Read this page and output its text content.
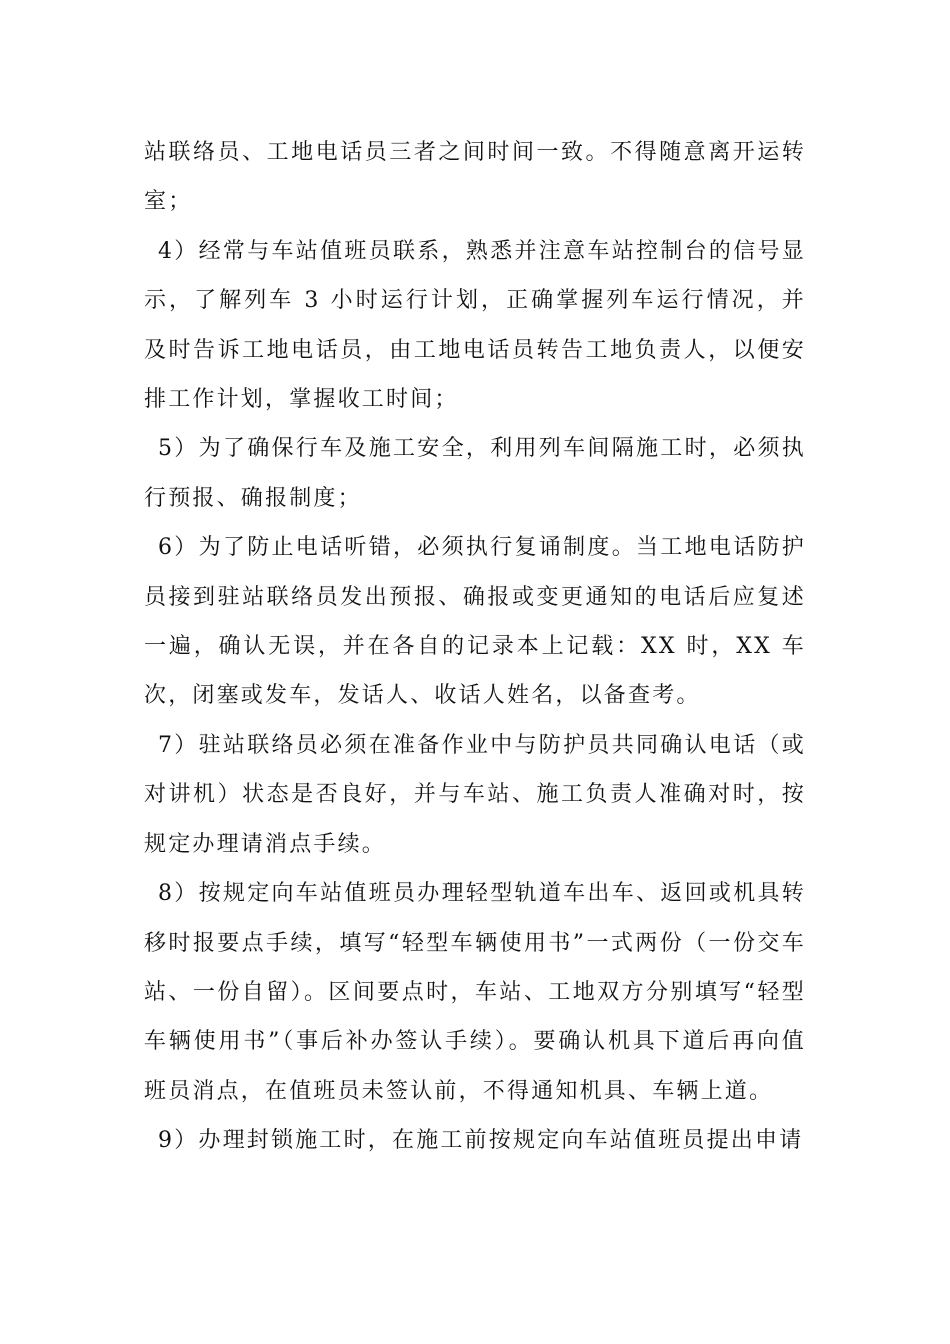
站联络员、工地电话员三者之间时间一致。不得随意离开运转室；

4）经常与车站值班员联系，熟悉并注意车站控制台的信号显示，了解列车 3 小时运行计划，正确掌握列车运行情况，并及时告诉工地电话员，由工地电话员转告工地负责人，以便安排工作计划，掌握收工时间；

5）为了确保行车及施工安全，利用列车间隔施工时，必须执行预报、确报制度；

6）为了防止电话听错，必须执行复诵制度。当工地电话防护员接到驻站联络员发出预报、确报或变更通知的电话后应复述一遍，确认无误，并在各自的记录本上记载：XX 时，XX 车次，闭塞或发车，发话人、收话人姓名，以备查考。

7）驻站联络员必须在准备作业中与防护员共同确认电话（或对讲机）状态是否良好，并与车站、施工负责人准确对时，按规定办理请消点手续。

8）按规定向车站值班员办理轻型轨道车出车、返回或机具转移时报要点手续，填写“轻型车辆使用书”一式两份（一份交车站、一份自留）。区间要点时，车站、工地双方分别填写“轻型车辆使用书”（事后补办签认手续）。要确认机具下道后再向值班员消点，在值班员未签认前，不得通知机具、车辆上道。

9）办理封锁施工时，在施工前按规定向车站值班员提出申请
